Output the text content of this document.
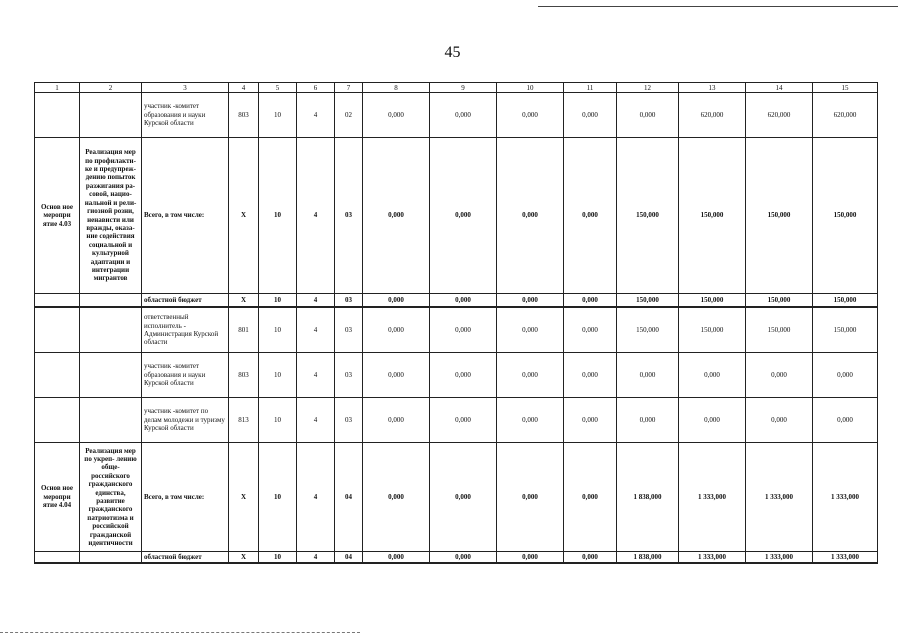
45
1	2	3	4	5	6	7	8	9	10	11	12	13	14	15
		участник -комитет образования и науки Курской области	803	10	4	02	0,000	0,000	0,000	0,000	0,000	620,000	620,000	620,000
Основ ное меропри ятие 4.03	Реализация мер по профилакти- ке и предупреж- дению попыток разжигания ра- совой, нацио- нальной и рели- гиозной розни, ненависти или вражды, оказа- ние содействия социальной и культурной адаптации и интеграции мигрантов	Всего, в том числе:	Х	10	4	03	0,000	0,000	0,000	0,000	150,000	150,000	150,000	150,000
		областной бюджет	Х	10	4	03	0,000	0,000	0,000	0,000	150,000	150,000	150,000	150,000
		ответственный исполнитель - Администрация Курской области	801	10	4	03	0,000	0,000	0,000	0,000	150,000	150,000	150,000	150,000
		участник -комитет образования и науки Курской области	803	10	4	03	0,000	0,000	0,000	0,000	0,000	0,000	0,000	0,000
		участник -комитет по делам молодежи и туризму Курской области	813	10	4	03	0,000	0,000	0,000	0,000	0,000	0,000	0,000	0,000
Основ ное меропри ятие 4.04	Реализация мер по укреп- лению обще- российского гражданского единства, развитие гражданского патриотизма и российской гражданской идентичности	Всего, в том числе:	Х	10	4	04	0,000	0,000	0,000	0,000	1 838,000	1 333,000	1 333,000	1 333,000
		областной бюджет	Х	10	4	04	0,000	0,000	0,000	0,000	1 838,000	1 333,000	1 333,000	1 333,000
